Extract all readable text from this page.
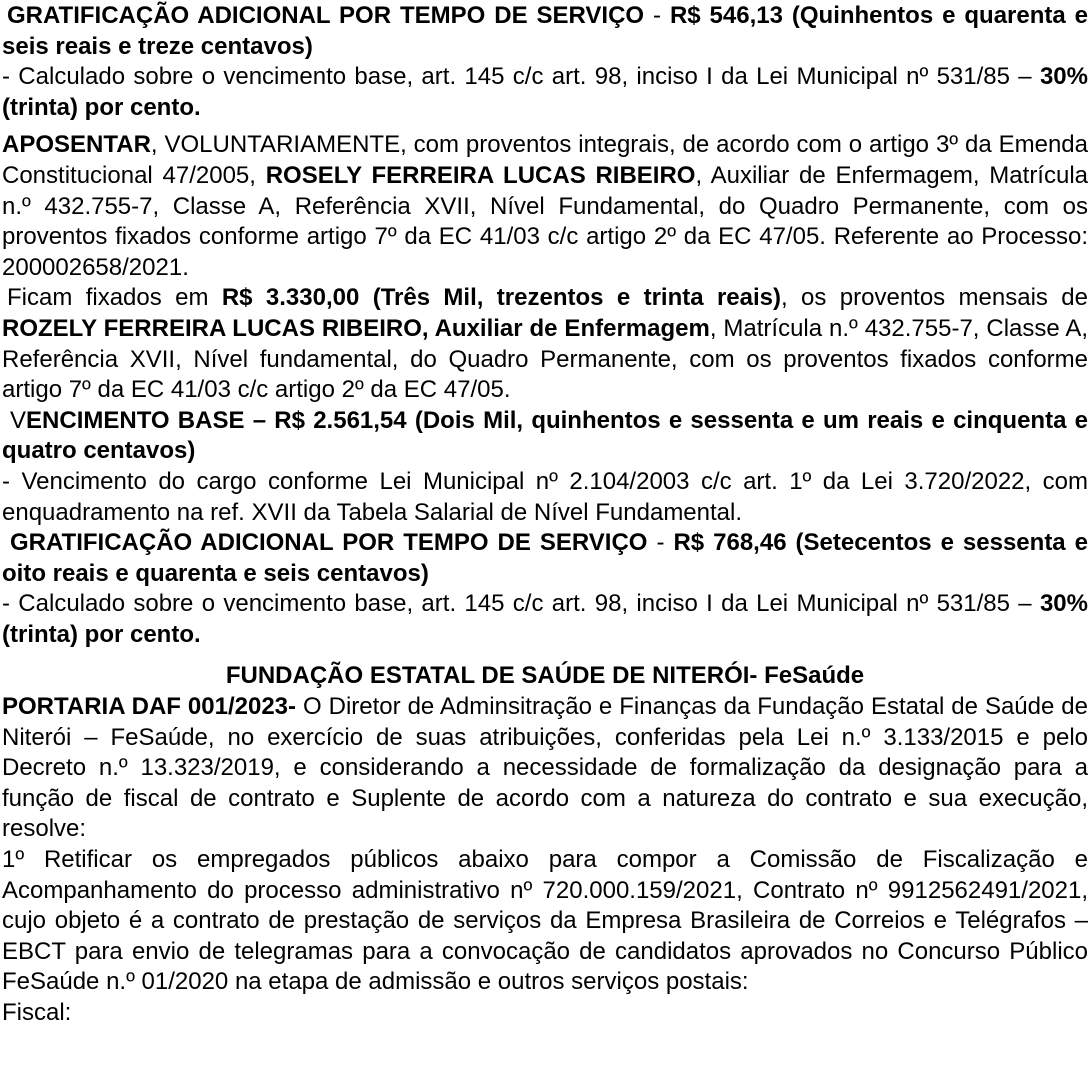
GRATIFICAÇÃO ADICIONAL POR TEMPO DE SERVIÇO - R$ 546,13 (Quinhentos e quarenta e seis reais e treze centavos)

- Calculado sobre o vencimento base, art. 145 c/c art. 98, inciso I da Lei Municipal nº 531/85 – 30% (trinta) por cento.

APOSENTAR, VOLUNTARIAMENTE, com proventos integrais, de acordo com o artigo 3º da Emenda Constitucional 47/2005, ROSELY FERREIRA LUCAS RIBEIRO, Auxiliar de Enfermagem, Matrícula n.º 432.755-7, Classe A, Referência XVII, Nível Fundamental, do Quadro Permanente, com os proventos fixados conforme artigo 7º da EC 41/03 c/c artigo 2º da EC 47/05. Referente ao Processo: 200002658/2021.

Ficam fixados em R$ 3.330,00 (Três Mil, trezentos e trinta reais), os proventos mensais de ROZELY FERREIRA LUCAS RIBEIRO, Auxiliar de Enfermagem, Matrícula n.º 432.755-7, Classe A, Referência XVII, Nível fundamental, do Quadro Permanente, com os proventos fixados conforme artigo 7º da EC 41/03 c/c artigo 2º da EC 47/05.

VENCIMENTO BASE – R$ 2.561,54 (Dois Mil, quinhentos e sessenta e um reais e cinquenta e quatro centavos)

- Vencimento do cargo conforme Lei Municipal nº 2.104/2003 c/c art. 1º da Lei 3.720/2022, com enquadramento na ref. XVII da Tabela Salarial de Nível Fundamental.

GRATIFICAÇÃO ADICIONAL POR TEMPO DE SERVIÇO - R$ 768,46 (Setecentos e sessenta e oito reais e quarenta e seis centavos)

- Calculado sobre o vencimento base, art. 145 c/c art. 98, inciso I da Lei Municipal nº 531/85 – 30% (trinta) por cento.

FUNDAÇÃO ESTATAL DE SAÚDE DE NITERÓI- FeSaúde

PORTARIA DAF 001/2023- O Diretor de Adminsitração e Finanças da Fundação Estatal de Saúde de Niterói – FeSaúde, no exercício de suas atribuições, conferidas pela Lei n.º 3.133/2015 e pelo Decreto n.º 13.323/2019, e considerando a necessidade de formalização da designação para a função de fiscal de contrato e Suplente de acordo com a natureza do contrato e sua execução, resolve:

1º Retificar os empregados públicos abaixo para compor a Comissão de Fiscalização e Acompanhamento do processo administrativo nº 720.000.159/2021, Contrato nº 9912562491/2021, cujo objeto é a contrato de prestação de serviços da Empresa Brasileira de Correios e Telégrafos – EBCT para envio de telegramas para a convocação de candidatos aprovados no Concurso Público FeSaúde n.º 01/2020 na etapa de admissão e outros serviços postais:

Fiscal:
